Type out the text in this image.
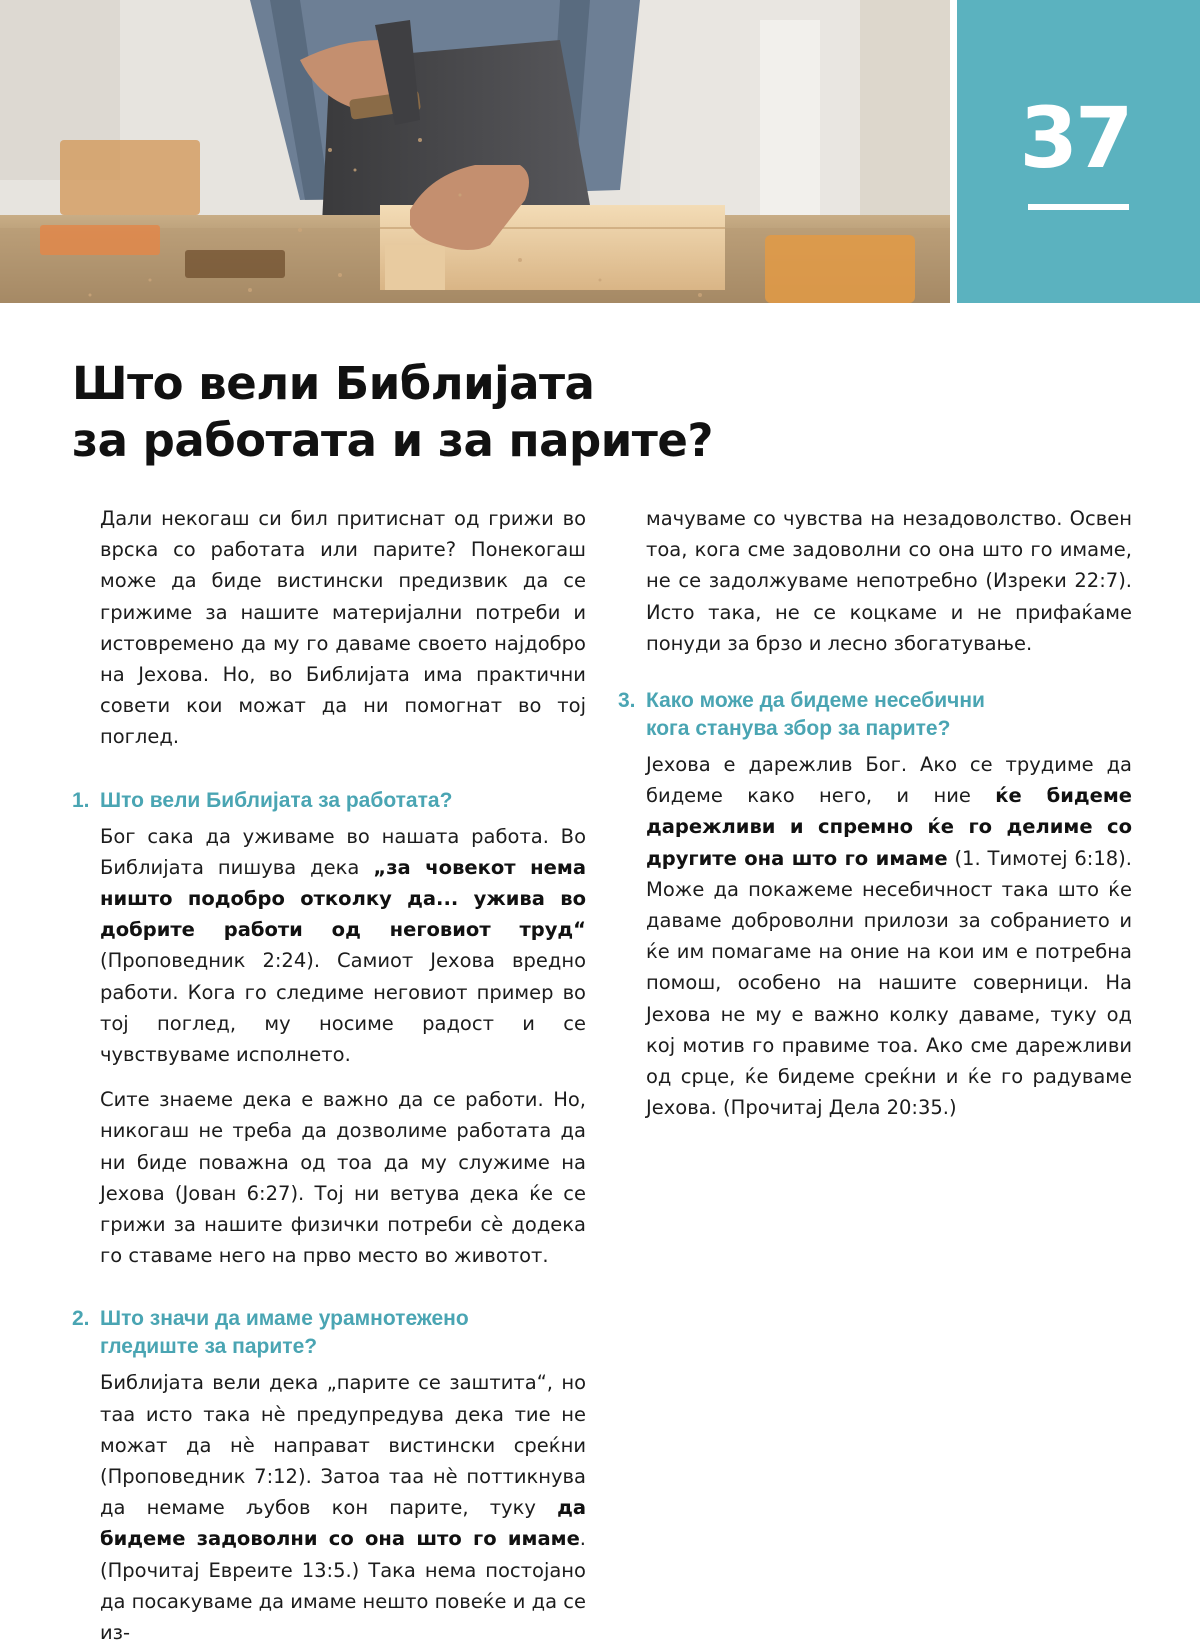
37
Што вели Библијата
за работата и за парите?

Дали некогаш си бил притиснат од грижи во врска со работата или парите? Понекогаш може да биде вистински предизвик да се грижиме за нашите материјални потреби и истовремено да му го даваме своето најдобро на Јехова. Но, во Библијата има практични совети кои можат да ни помогнат во тој поглед.

1. Што вели Библијата за работата?

Бог сака да уживаме во нашата работа. Во Библијата пишува дека „за човекот нема ништо подобро отколку да... ужива во добрите работи од неговиот труд“ (Проповедник 2:24). Самиот Јехова вредно работи. Кога го следиме неговиот пример во тој поглед, му носиме радост и се чувствуваме исполнето.

Сите знаеме дека е важно да се работи. Но, никогаш не треба да дозволиме работата да ни биде поважна од тоа да му служиме на Јехова (Јован 6:27). Тој ни ветува дека ќе се грижи за нашите физички потреби сѐ додека го ставаме него на прво место во животот.

2. Што значи да имаме урамнотежено
гледиште за парите?

Библијата вели дека „парите се заштита“, но таа исто така нѐ предупредува дека тие не можат да нѐ направат вистински среќни (Проповедник 7:12). Затоа таа нѐ поттикнува да немаме љубов кон парите, туку да бидеме задоволни со она што го имаме. (Прочитај Евреите 13:5.) Така нема постојано да посакуваме да имаме нешто повеќе и да се из-

мачуваме со чувства на незадоволство. Освен тоа, кога сме задоволни со она што го имаме, не се задолжуваме непотребно (Изреки 22:7). Исто така, не се коцкаме и не прифаќаме понуди за брзо и лесно збогатување.

3. Како може да бидеме несебични
кога станува збор за парите?

Јехова е дарежлив Бог. Ако се трудиме да бидеме како него, и ние ќе бидеме дарежливи и спремно ќе го делиме со другите она што го имаме (1. Тимотеј 6:18). Може да покажеме несебичност така што ќе даваме доброволни прилози за собранието и ќе им помагаме на оние на кои им е потребна помош, особено на нашите соверници. На Јехова не му е важно колку даваме, туку од кој мотив го правиме тоа. Ако сме дарежливи од срце, ќе бидеме среќни и ќе го радуваме Јехова. (Прочитај Дела 20:35.)
